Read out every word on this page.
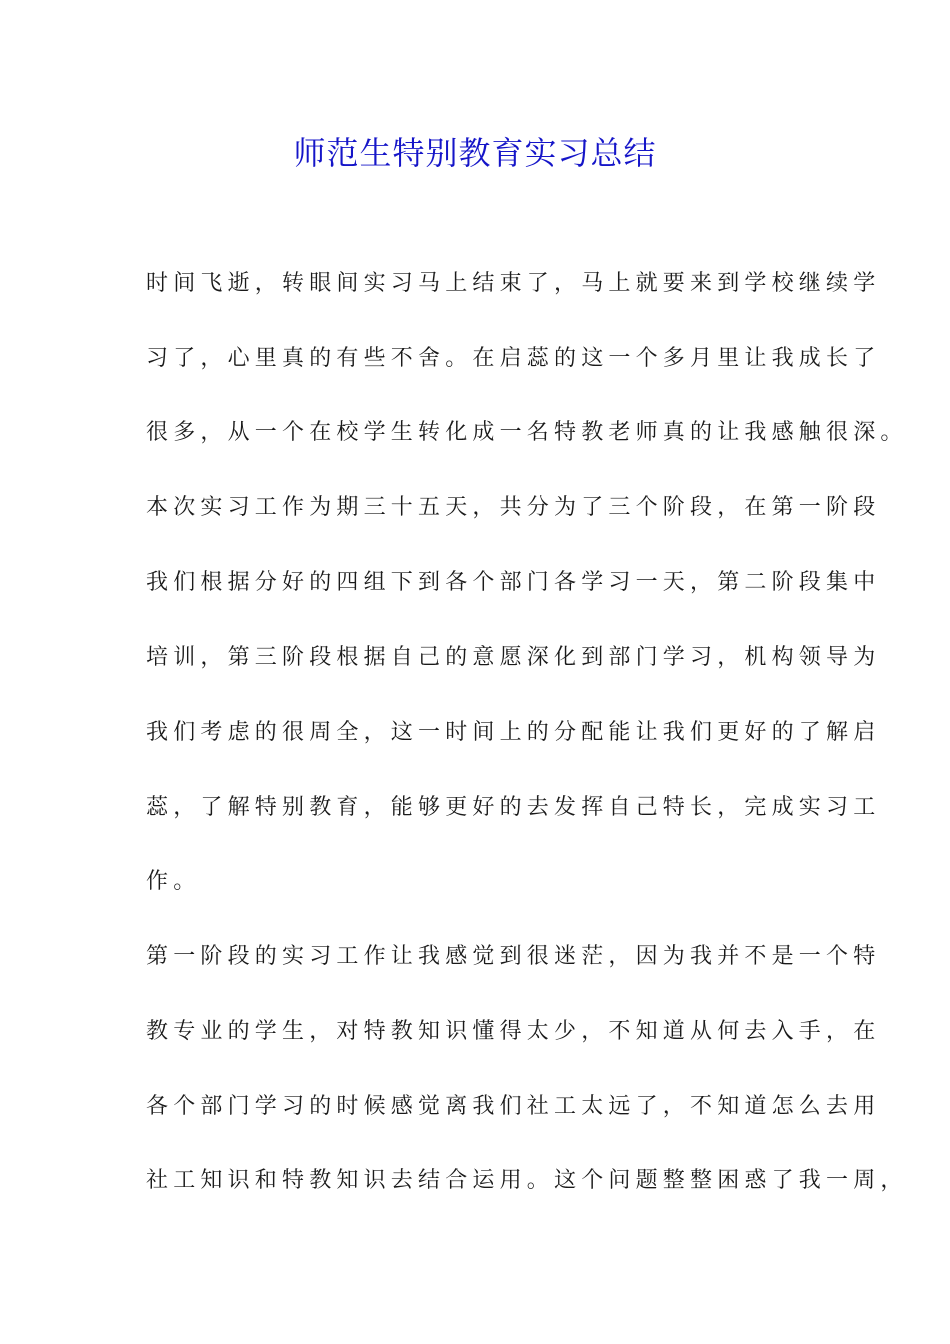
师范生特别教育实习总结

时间飞逝，转眼间实习马上结束了，马上就要来到学校继续学

习了，心里真的有些不舍。在启蕊的这一个多月里让我成长了

很多，从一个在校学生转化成一名特教老师真的让我感触很深。

本次实习工作为期三十五天，共分为了三个阶段，在第一阶段

我们根据分好的四组下到各个部门各学习一天，第二阶段集中

培训，第三阶段根据自己的意愿深化到部门学习，机构领导为

我们考虑的很周全，这一时间上的分配能让我们更好的了解启

蕊，了解特别教育，能够更好的去发挥自己特长，完成实习工

作。

第一阶段的实习工作让我感觉到很迷茫，因为我并不是一个特

教专业的学生，对特教知识懂得太少，不知道从何去入手，在

各个部门学习的时候感觉离我们社工太远了，不知道怎么去用

社工知识和特教知识去结合运用。这个问题整整困惑了我一周，
